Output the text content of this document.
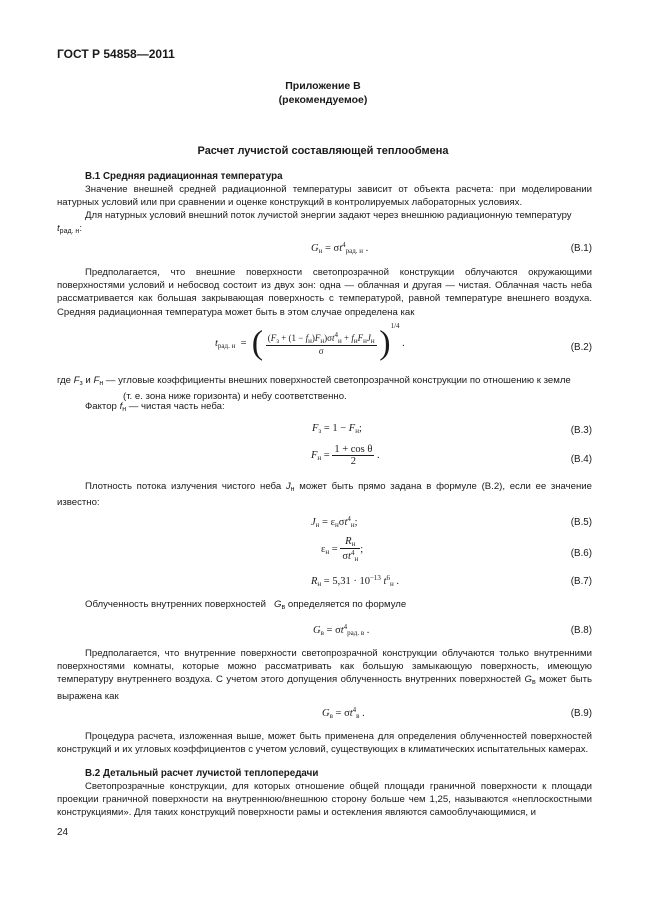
ГОСТ Р 54858—2011
Приложение В
(рекомендуемое)
Расчет лучистой составляющей теплообмена
В.1 Средняя радиационная температура
Значение внешней средней радиационной температуры зависит от объекта расчета: при моделировании натурных условий или при сравнении и оценке конструкций в контролируемых лабораторных условиях.
Для натурных условий внешний поток лучистой энергии задают через внешнюю радиационную температуру
$t_{рад. н}$:
$G_н = \sigma t^4_{рад. н}$ .	(В.1)
Предполагается, что внешние поверхности светопрозрачной конструкции облучаются окружающими поверхностями условий и небосвод состоит из двух зон: одна — облачная и другая — чистая. Облачная часть неба рассматривается как большая закрывающая поверхность с температурой, равной температуре внешнего воздуха. Средняя радиационная температура может быть в этом случае определена как
$t_{рад. н}$  =  ( $\frac{(F_з + (1 - f_н)F_н)\sigma t^4_н + f_нF_нJ_н}{\sigma} )^{1/4}$ .	(В.2)
где $F_з$ и $F_н$ — угловые коэффициенты внешних поверхностей светопрозрачной конструкции по отношению к земле
(т. е. зона ниже горизонта) и небу соответственно.
Фактор $f_н$ — чистая часть неба:
$F_з = 1 - F_н$;	(В.3)
$F_н = \frac{\text{1 + cos θ}}{2}$ .	(В.4)
Плотность потока излучения чистого неба $J_н$ может быть прямо задана в формуле (В.2), если ее значение известно:
$J_н = \varepsilon_н\sigma t^4_н$;	(В.5)
$\varepsilon_н = \frac{R_н}{\sigma t^4_н}$ ;	(В.6)
$R_н = 5,31 \cdot 10^{-13}$ $t^6_н$ .	(В.7)
Облученность внутренних поверхностей $G_в$ определяется по формуле
$G_в = \sigma t^4_{рад. в}$ .	(В.8)
Предполагается, что внутренние поверхности светопрозрачной конструкции облучаются только внутренними поверхностями комнаты, которые можно рассматривать как большую замыкающую поверхность, имеющую температуру внутреннего воздуха. С учетом этого допущения облученность внутренних поверхностей $G_в$ может быть выражена как
$G_в = \sigma t^4_в$ .	(В.9)
Процедура расчета, изложенная выше, может быть применена для определения облученностей поверхностей конструкций и их угловых коэффициентов с учетом условий, существующих в климатических испытательных камерах.
В.2 Детальный расчет лучистой теплопередачи
Светопрозрачные конструкции, для которых отношение общей площади граничной поверхности к площади проекции граничной поверхности на внутреннюю/внешнюю сторону больше чем 1,25, называются «неплоскостными конструкциями». Для таких конструкций поверхности рамы и остекления являются самооблучающимися, и
24
